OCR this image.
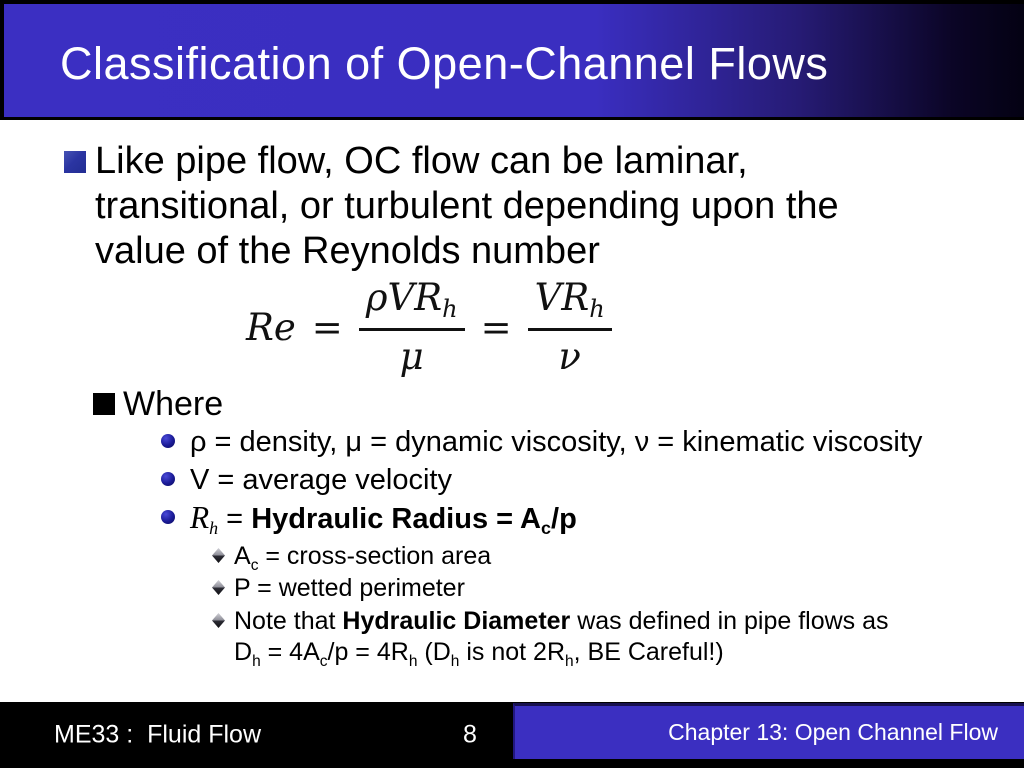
Classification of Open-Channel Flows
Like pipe flow, OC flow can be laminar,
transitional, or turbulent depending upon the
value of the Reynolds number
$Re = \frac{\text{ρVRh}}{\mu} = \frac{\text{VRh}}{\nu}$
Where
ρ = density, μ = dynamic viscosity, ν = kinematic viscosity
V = average velocity
$R_h$ = Hydraulic Radius = $A_c/p$
$A_c$ = cross-section area
P = wetted perimeter
Note that Hydraulic Diameter was defined in pipe flows as
$D_h = 4A_c/p = 4R_h$ ($D_h$ is not $2R_h$, BE Careful!)
ME33 :  Fluid Flow	8	Chapter 13: Open Channel Flow
